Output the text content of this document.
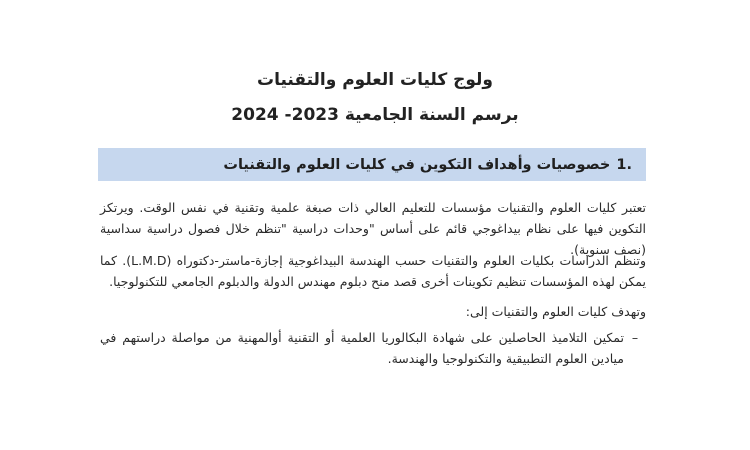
ولوج كليات العلوم والتقنيات
برسم السنة الجامعية 2023- 2024
.1
خصوصيات وأهداف التكوين في كليات العلوم والتقنيات
تعتبر كليات العلوم والتقنيات مؤسسات للتعليم العالي ذات صبغة علمية وتقنية في نفس الوقت. ويرتكز التكوين فيها على نظام بيداغوجي قائم على أساس "وحدات دراسية "تنظم خلال فصول دراسية سداسية (نصف سنوية).
وتنظم الدراسات بكليات العلوم والتقنيات حسب الهندسة البيداغوجية إجازة-ماستر-دكتوراه (L.M.D). كما يمكن لهذه المؤسسات تنظيم تكوينات أخرى قصد منح دبلوم مهندس الدولة والدبلوم الجامعي للتكنولوجيا.
وتهدف كليات العلوم والتقنيات إلى:
–
تمكين التلاميذ الحاصلين على شهادة البكالوريا العلمية أو التقنية أوالمهنية من مواصلة دراستهم في ميادين العلوم التطبيقية والتكنولوجيا والهندسة.
